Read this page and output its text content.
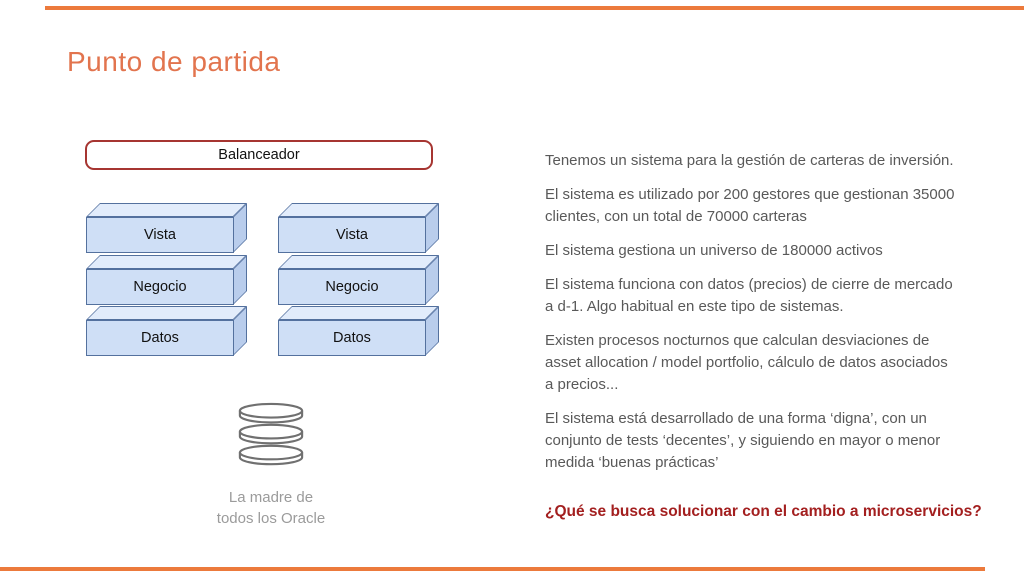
Punto de partida
Balanceador
Vista
Negocio
Datos
Vista
Negocio
Datos
La madre de
todos los Oracle

Tenemos un sistema para la gestión de carteras de inversión.

El sistema es utilizado por 200 gestores que gestionan 35000
clientes, con un total de 70000 carteras

El sistema gestiona un universo de 180000 activos

El sistema funciona con datos (precios) de cierre de mercado
a d-1. Algo habitual en este tipo de sistemas.

Existen procesos nocturnos que calculan desviaciones de
asset allocation / model portfolio, cálculo de datos asociados
a precios...

El sistema está desarrollado de una forma ‘digna’, con un
conjunto de tests ‘decentes’, y siguiendo en mayor o menor
medida ‘buenas prácticas’

¿Qué se busca solucionar con el cambio a microservicios?
